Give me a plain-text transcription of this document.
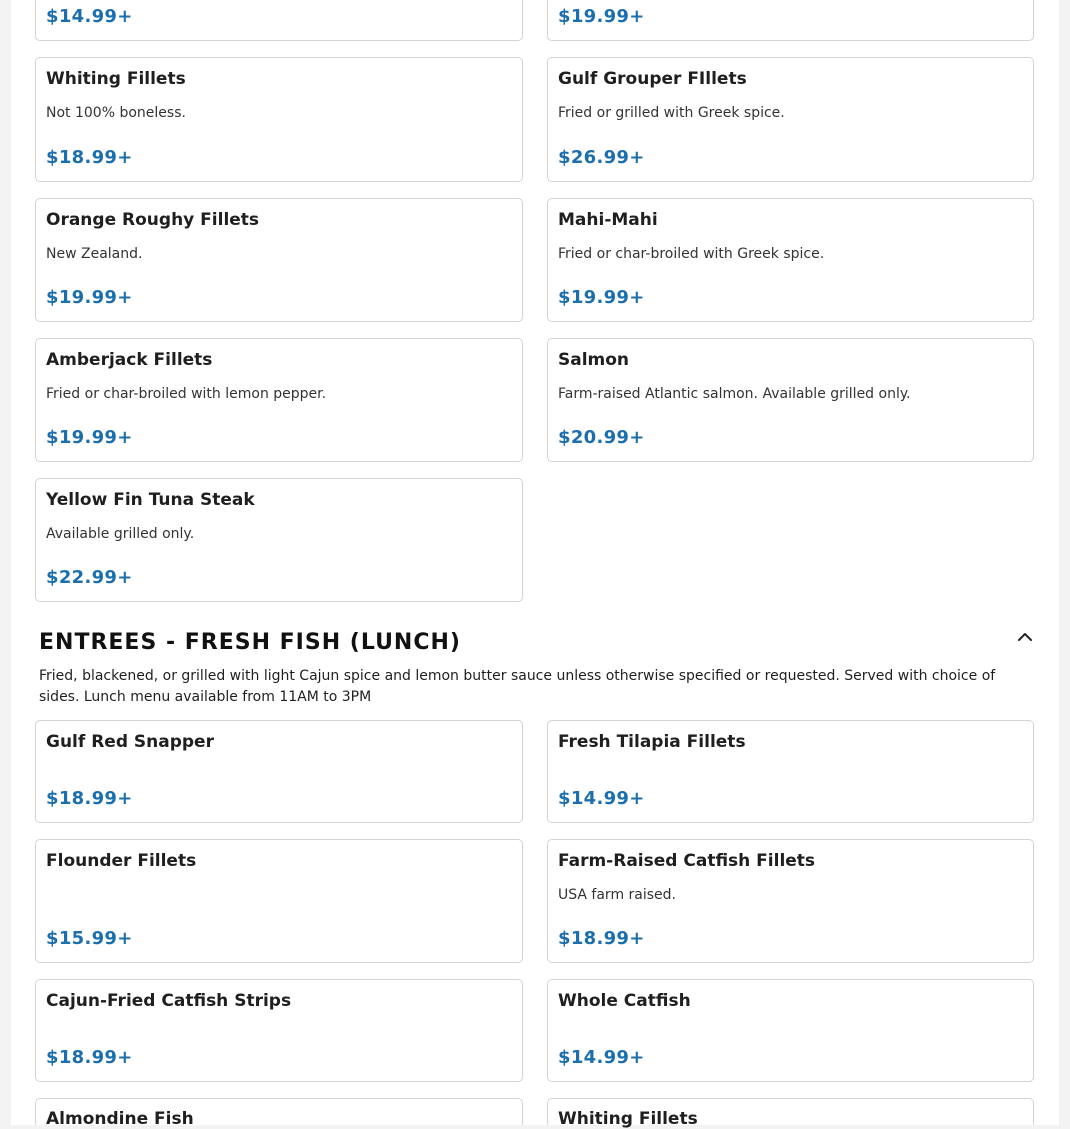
$14.99+	$19.99+
Whiting Fillets
Not 100% boneless.
$18.99+
Gulf Grouper FIllets
Fried or grilled with Greek spice.
$26.99+
Orange Roughy Fillets
New Zealand.
$19.99+
Mahi-Mahi
Fried or char-broiled with Greek spice.
$19.99+
Amberjack Fillets
Fried or char-broiled with lemon pepper.
$19.99+
Salmon
Farm-raised Atlantic salmon. Available grilled only.
$20.99+
Yellow Fin Tuna Steak
Available grilled only.
$22.99+
ENTREES - FRESH FISH (LUNCH)
Fried, blackened, or grilled with light Cajun spice and lemon butter sauce unless otherwise specified or requested. Served with choice of sides. Lunch menu available from 11AM to 3PM
Gulf Red Snapper
$18.99+
Fresh Tilapia Fillets
$14.99+
Flounder Fillets
$15.99+
Farm-Raised Catfish Fillets
USA farm raised.
$18.99+
Cajun-Fried Catfish Strips
$18.99+
Whole Catfish
$14.99+
Almondine Fish	Whiting Fillets
